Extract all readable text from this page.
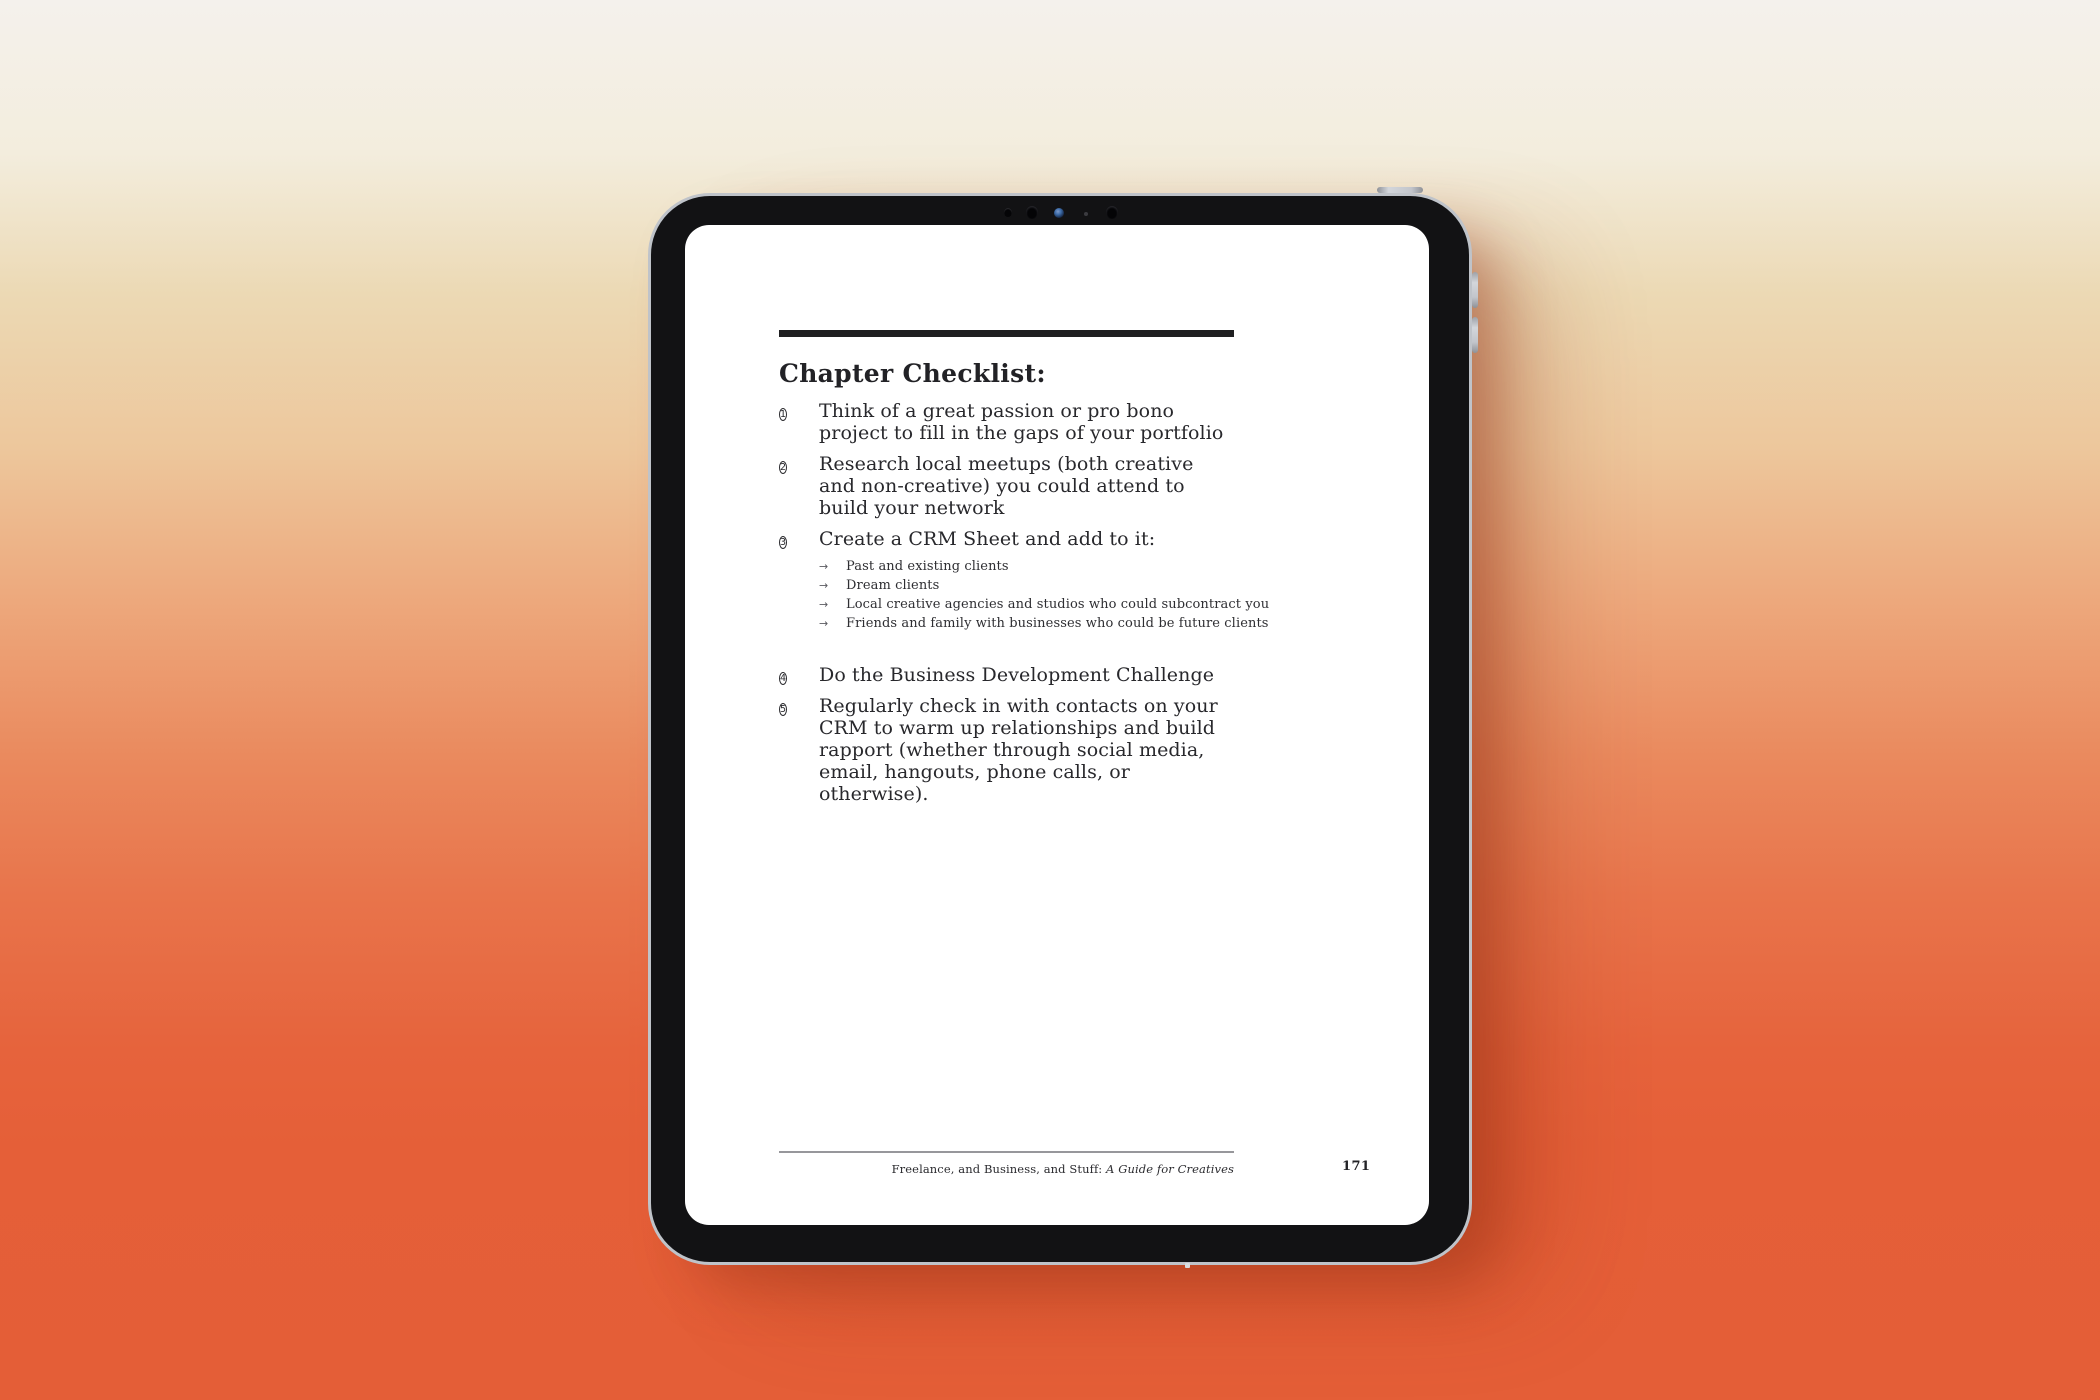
Chapter Checklist:
1	Think of a great passion or pro bono project to fill in the gaps of your portfolio
2	Research local meetups (both creative and non-creative) you could attend to build your network
3	Create a CRM Sheet and add to it:
→	Past and existing clients
→	Dream clients
→	Local creative agencies and studios who could subcontract you
→	Friends and family with businesses who could be future clients
4	Do the Business Development Challenge
5	Regularly check in with contacts on your CRM to warm up relationships and build rapport (whether through social media, email, hangouts, phone calls, or otherwise).
Freelance, and Business, and Stuff: A Guide for Creatives	171
